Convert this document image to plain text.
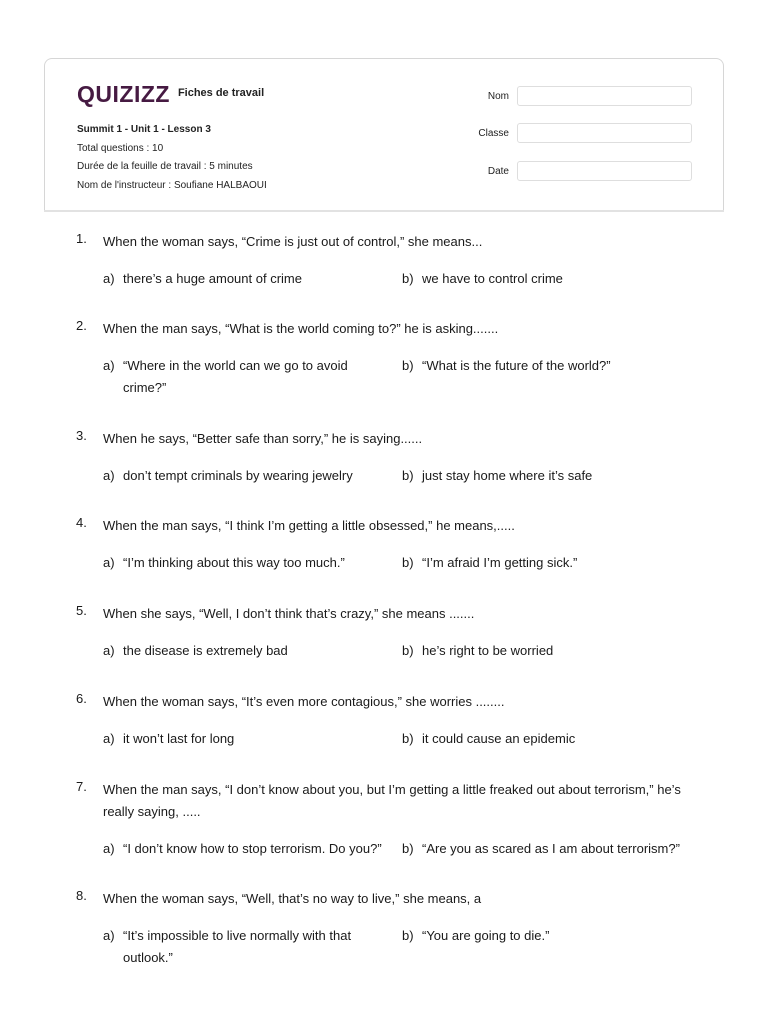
QUIZIZZ Fiches de travail
Summit 1 - Unit 1 - Lesson 3
Total questions : 10
Durée de la feuille de travail : 5 minutes
Nom de l'instructeur : Soufiane HALBAOUI
Nom
Classe
Date
1. When the woman says, “Crime is just out of control,” she means...
a) there’s a huge amount of crime	b) we have to control crime
2. When the man says, “What is the world coming to?” he is asking.......
a) “Where in the world can we go to avoid crime?”
b) “What is the future of the world?”
3. When he says, “Better safe than sorry,” he is saying......
a) don’t tempt criminals by wearing jewelry	b) just stay home where it’s safe
4. When the man says, “I think I’m getting a little obsessed,” he means,.....
a) “I’m thinking about this way too much.”	b) “I’m afraid I’m getting sick.”
5. When she says, “Well, I don’t think that’s crazy,” she means .......
a) the disease is extremely bad	b) he’s right to be worried
6. When the woman says, “It’s even more contagious,” she worries ........
a) it won’t last for long	b) it could cause an epidemic
7. When the man says, “I don’t know about you, but I’m getting a little freaked out about terrorism,” he’s really saying, .....
a) “I don’t know how to stop terrorism. Do you?” b) “Are you as scared as I am about terrorism?”
8. When the woman says, “Well, that’s no way to live,” she means, a
a) “It’s impossible to live normally with that outlook.”
b) “You are going to die.”
